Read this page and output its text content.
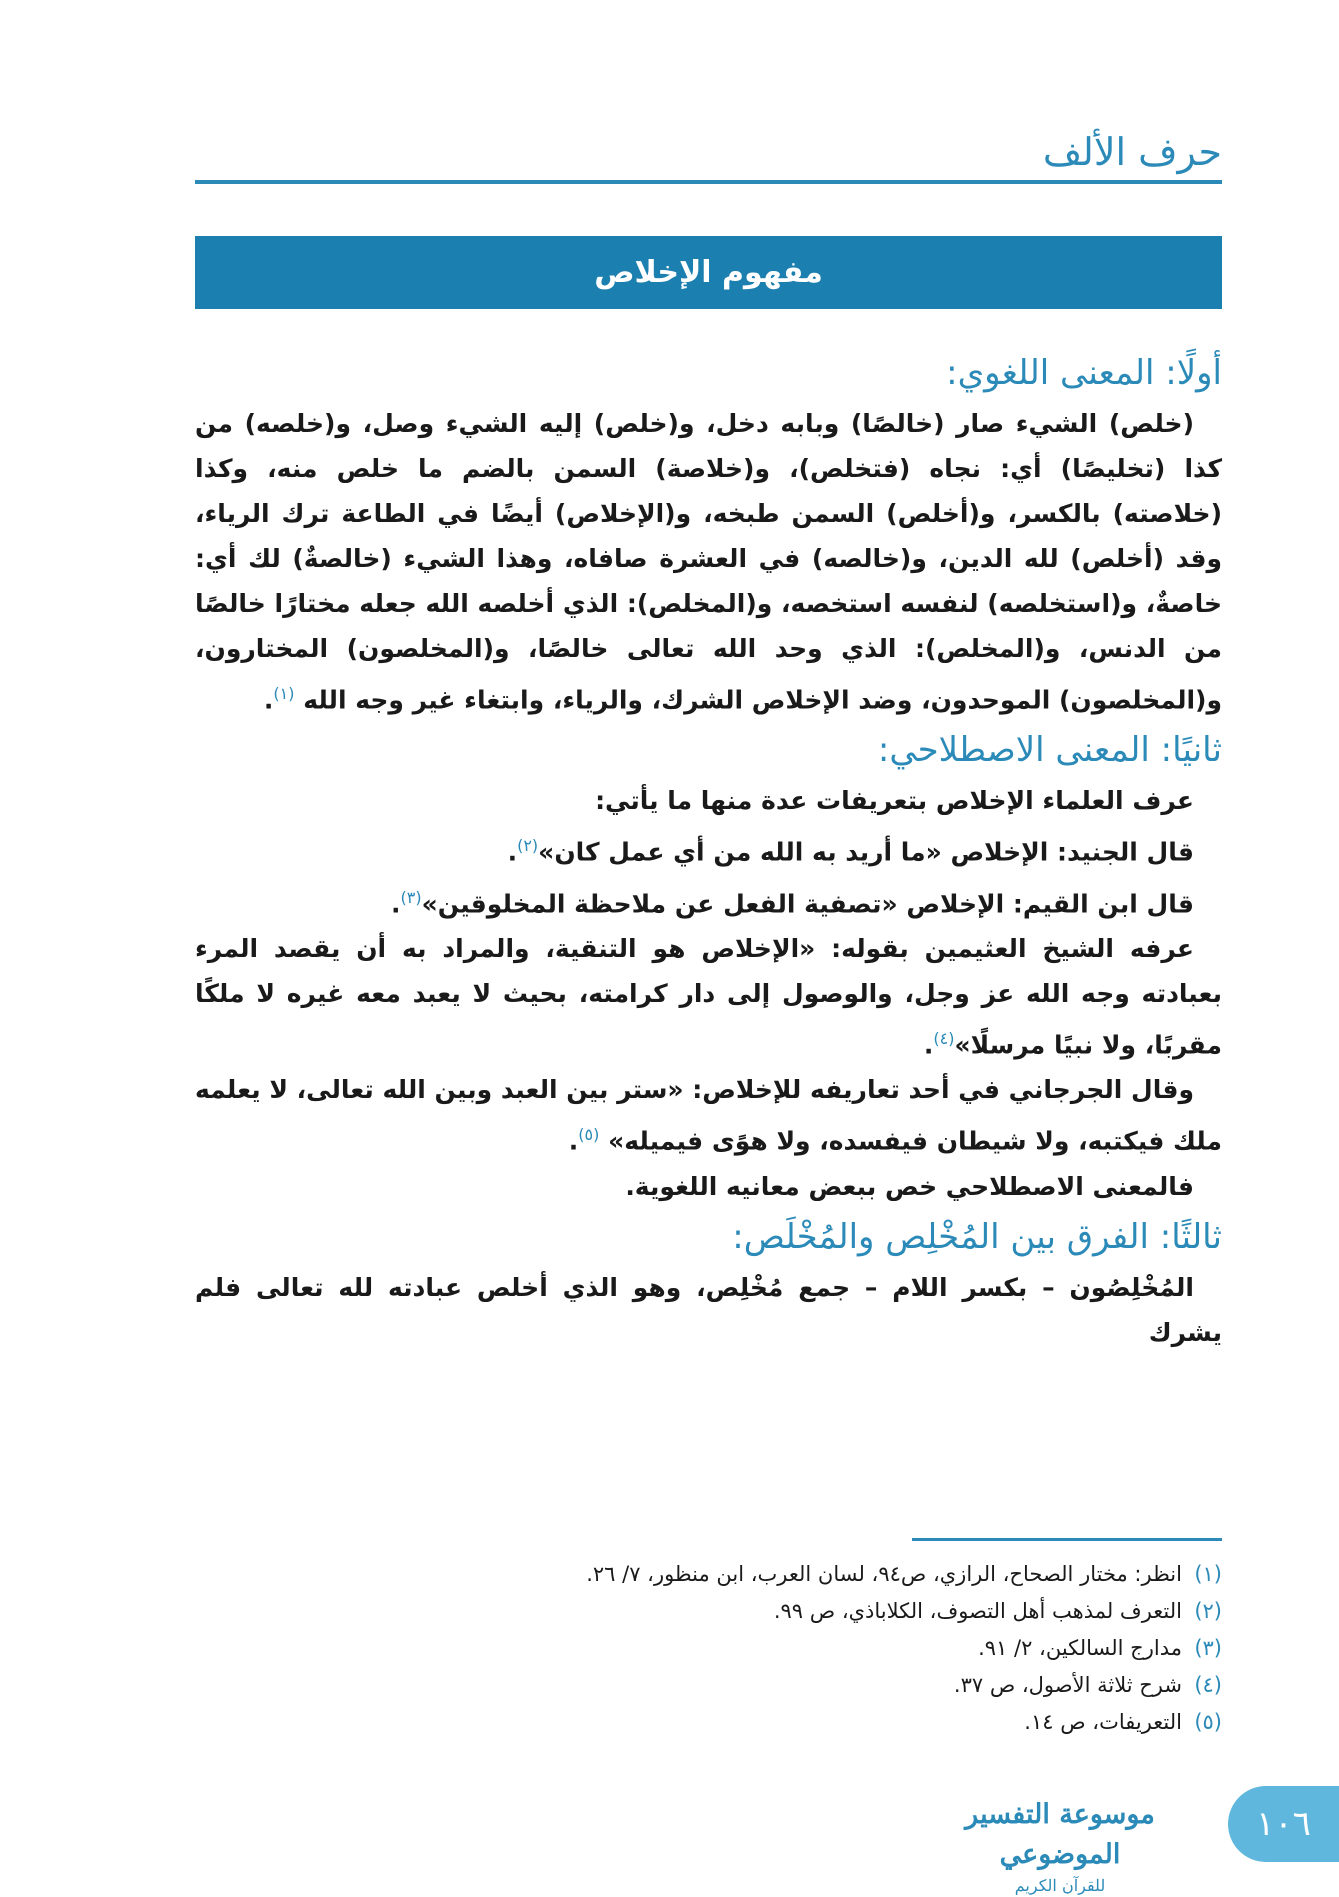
حرف الألف
مفهوم الإخلاص
أولًا: المعنى اللغوي:

(خلص) الشيء صار (خالصًا) وبابه دخل، و(خلص) إليه الشيء وصل، و(خلصه) من كذا (تخليصًا) أي: نجاه (فتخلص)، و(خلاصة) السمن بالضم ما خلص منه، وكذا (خلاصته) بالكسر، و(أخلص) السمن طبخه، و(الإخلاص) أيضًا في الطاعة ترك الرياء، وقد (أخلص) لله الدين، و(خالصه) في العشرة صافاه، وهذا الشيء (خالصةٌ) لك أي: خاصةٌ، و(استخلصه) لنفسه استخصه، و(المخلص): الذي أخلصه الله جعله مختارًا خالصًا من الدنس، و(المخلص): الذي وحد الله تعالى خالصًا، و(المخلصون) المختارون، و(المخلصون) الموحدون، وضد الإخلاص الشرك، والرياء، وابتغاء غير وجه الله $^{(١)}$.

ثانيًا: المعنى الاصطلاحي:

عرف العلماء الإخلاص بتعريفات عدة منها ما يأتي:

قال الجنيد: الإخلاص «ما أريد به الله من أي عمل كان»$^{(٢)}$.

قال ابن القيم: الإخلاص «تصفية الفعل عن ملاحظة المخلوقين»$^{(٣)}$.

عرفه الشيخ العثيمين بقوله: «الإخلاص هو التنقية، والمراد به أن يقصد المرء بعبادته وجه الله عز وجل، والوصول إلى دار كرامته، بحيث لا يعبد معه غيره لا ملكًا مقربًا، ولا نبيًا مرسلًا»$^{(٤)}$.

وقال الجرجاني في أحد تعاريفه للإخلاص: «ستر بين العبد وبين الله تعالى، لا يعلمه ملك فيكتبه، ولا شيطان فيفسده، ولا هوًى فيميله» $^{(٥)}$.

فالمعنى الاصطلاحي خص ببعض معانيه اللغوية.

ثالثًا: الفرق بين المُخْلِص والمُخْلَص:

المُخْلِصُون – بكسر اللام – جمع مُخْلِص، وهو الذي أخلص عبادته لله تعالى فلم يشرك

(١)
انظر: مختار الصحاح، الرازي، ص٩٤، لسان العرب، ابن منظور، ٧/ ٢٦.
(٢)
التعرف لمذهب أهل التصوف، الكلاباذي، ص ٩٩.
(٣)
مدارج السالكين، ٢/ ٩١.
(٤)
شرح ثلاثة الأصول، ص ٣٧.
(٥)
التعريفات، ص ١٤.
موسوعة التفسير الموضوعي
للقرآن الكريم
١٠٦
